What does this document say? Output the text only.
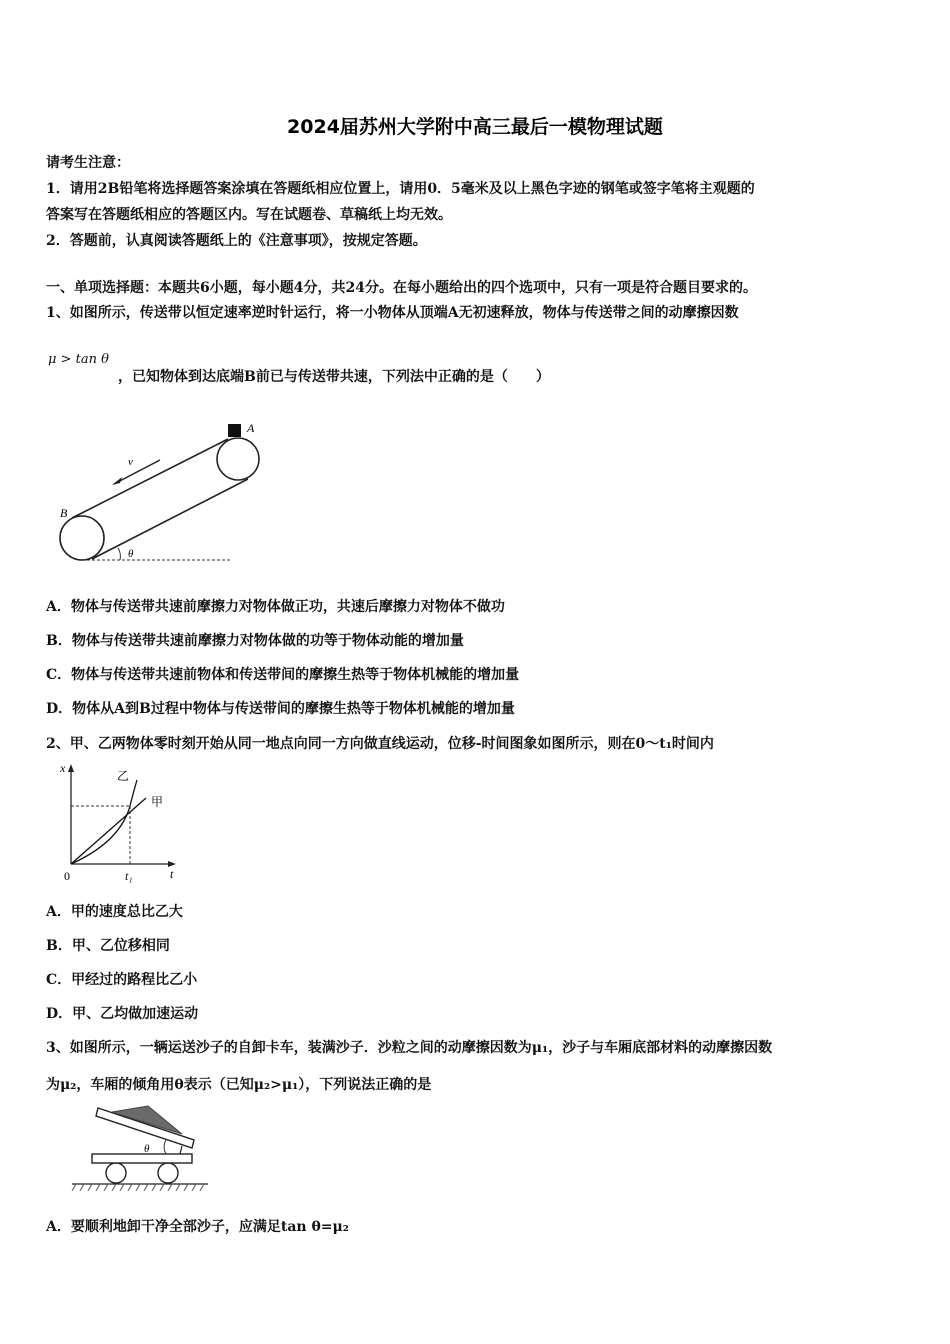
2024届苏州大学附中高三最后一模物理试题
请考生注意：
1．请用2B铅笔将选择题答案涂填在答题纸相应位置上，请用0．5毫米及以上黑色字迹的钢笔或签字笔将主观题的
答案写在答题纸相应的答题区内。写在试题卷、草稿纸上均无效。
2．答题前，认真阅读答题纸上的《注意事项》，按规定答题。
一、单项选择题：本题共6小题，每小题4分，共24分。在每小题给出的四个选项中，只有一项是符合题目要求的。
1、如图所示，传送带以恒定速率逆时针运行，将一小物体从顶端A无初速释放，物体与传送带之间的动摩擦因数
μ > tan θ
，已知物体到达底端B前已与传送带共速，下列法中正确的是（　　）
A
B
v
θ
A．物体与传送带共速前摩擦力对物体做正功，共速后摩擦力对物体不做功
B．物体与传送带共速前摩擦力对物体做的功等于物体动能的增加量
C．物体与传送带共速前物体和传送带间的摩擦生热等于物体机械能的增加量
D．物体从A到B过程中物体与传送带间的摩擦生热等于物体机械能的增加量
2、甲、乙两物体零时刻开始从同一地点向同一方向做直线运动，位移-时间图象如图所示，则在0～t₁时间内
x
t
0	t₁
乙
甲
A．甲的速度总比乙大
B．甲、乙位移相同
C．甲经过的路程比乙小
D．甲、乙均做加速运动
3、如图所示，一辆运送沙子的自卸卡车，装满沙子．沙粒之间的动摩擦因数为μ₁，沙子与车厢底部材料的动摩擦因数
为μ₂，车厢的倾角用θ表示（已知μ₂>μ₁），下列说法正确的是
θ
A．要顺利地卸干净全部沙子，应满足tan θ=μ₂
